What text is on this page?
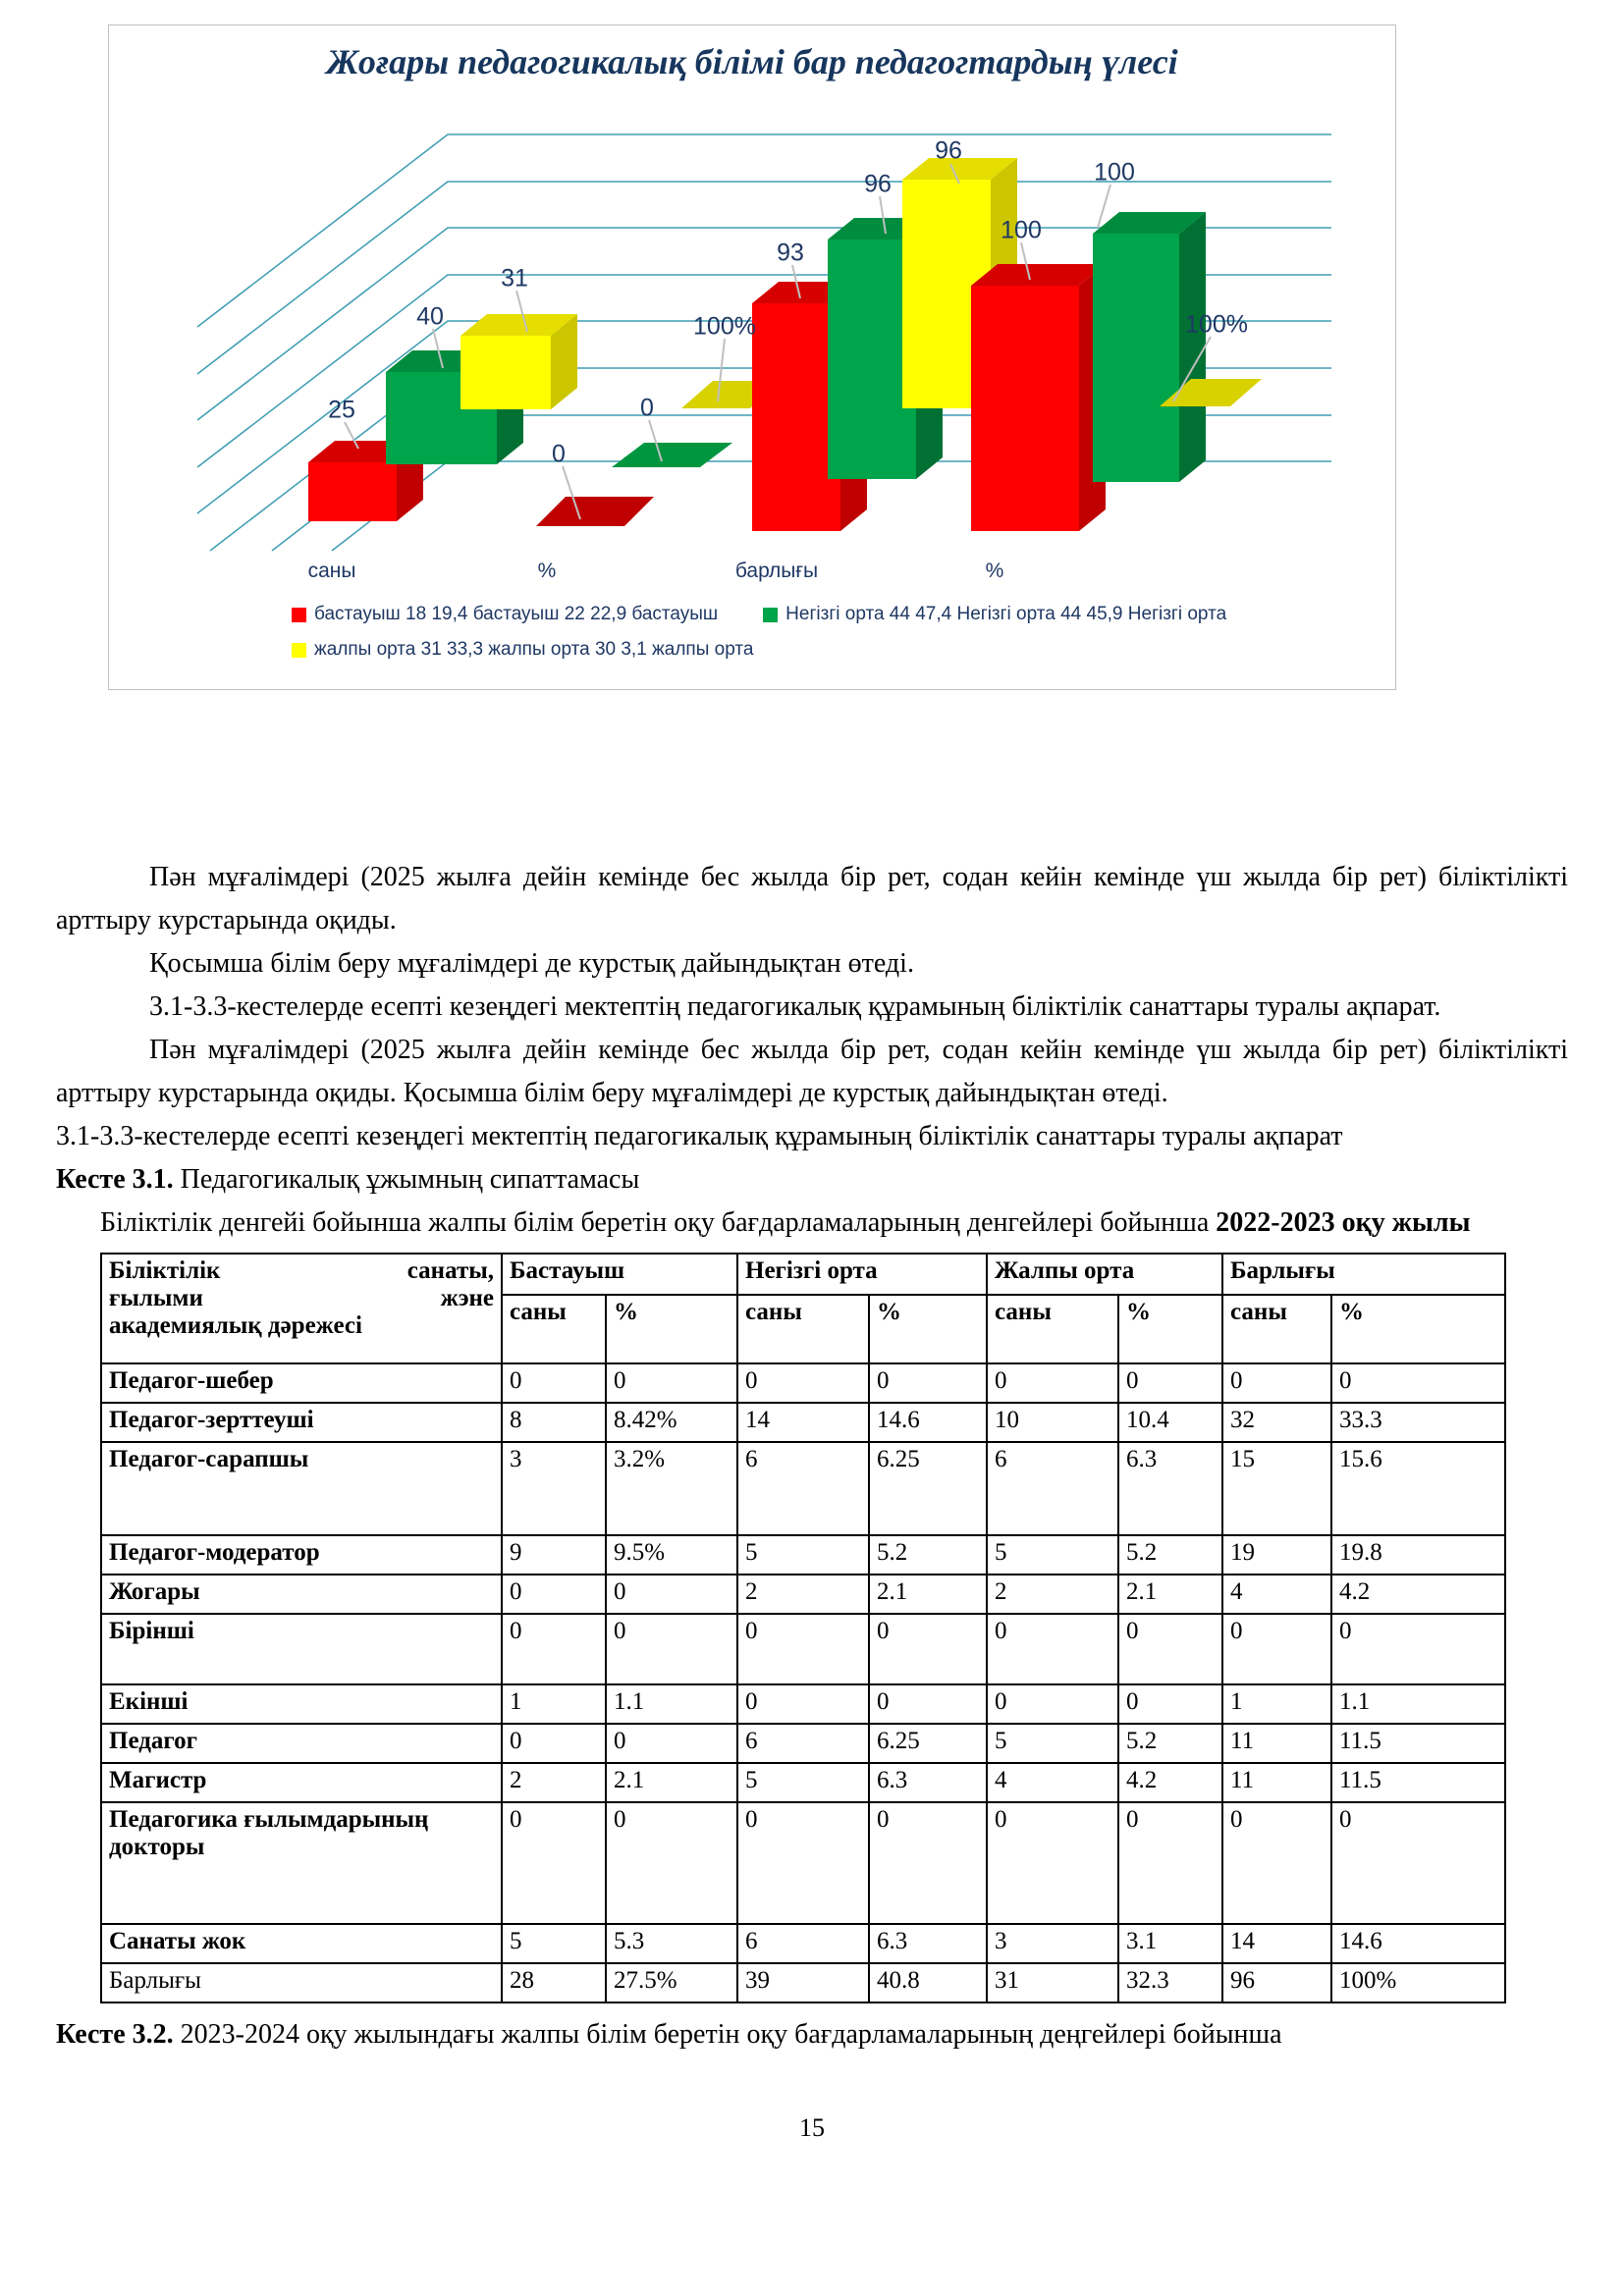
Жоғары педагогикалық білімі бар педагогтардың үлесі
25
40
31
0
0
100%
93
96
96
100
100
100%
саны	%	барлығы	%
бастауыш 18 19,4 бастауыш 22 22,9 бастауыш	Негізгі орта 44 47,4 Негізгі орта 44 45,9 Негізгі орта
жалпы орта 31 33,3 жалпы орта 30 3,1 жалпы орта

Пән мұғалімдері (2025 жылға дейін кемінде бес жылда бір рет, содан кейін кемінде үш жылда бір рет) біліктілікті арттыру курстарында оқиды.

Қосымша білім беру мұғалімдері де курстық дайындықтан өтеді.

3.1-3.3-кестелерде есепті кезеңдегі мектептің педагогикалық құрамының біліктілік санаттары туралы ақпарат.

Пән мұғалімдері (2025 жылға дейін кемінде бес жылда бір рет, содан кейін кемінде үш жылда бір рет) біліктілікті арттыру курстарында оқиды. Қосымша білім беру мұғалімдері де курстық дайындықтан өтеді.

3.1-3.3-кестелерде есепті кезеңдегі мектептің педагогикалық құрамының біліктілік санаттары туралы ақпарат

Кесте 3.1. Педагогикалық ұжымның сипаттамасы

Біліктілік денгейі бойынша жалпы білім беретін оқу бағдарламаларының денгейлері бойынша 2022-2023 оқу жылы

Біліктілік санаты,
ғылыми жэне
академиялық дәрежесі	Бастауыш		Негізгі орта		Жалпы орта		Барлығы	
	саны	%	саны	%	саны	%	саны	%
Педагог-шебер	0	0	0	0	0	0	0	0
Педагог-зерттеуші	8	8.42%	14	14.6	10	10.4	32	33.3
Педагог-сарапшы	3	3.2%	6	6.25	6	6.3	15	15.6
Педагог-модератор	9	9.5%	5	5.2	5	5.2	19	19.8
Жогары	0	0	2	2.1	2	2.1	4	4.2
Бірінші	0	0	0	0	0	0	0	0
Екінші	1	1.1	0	0	0	0	1	1.1
Педагог	0	0	6	6.25	5	5.2	11	11.5
Магистр	2	2.1	5	6.3	4	4.2	11	11.5
Педагогика ғылымдарының докторы	0	0	0	0	0	0	0	0
Санаты жок	5	5.3	6	6.3	3	3.1	14	14.6
Барлығы	28	27.5%	39	40.8	31	32.3	96	100%

Кесте 3.2. 2023-2024 оқу жылындағы жалпы білім беретін оқу бағдарламаларының деңгейлері бойынша

15
